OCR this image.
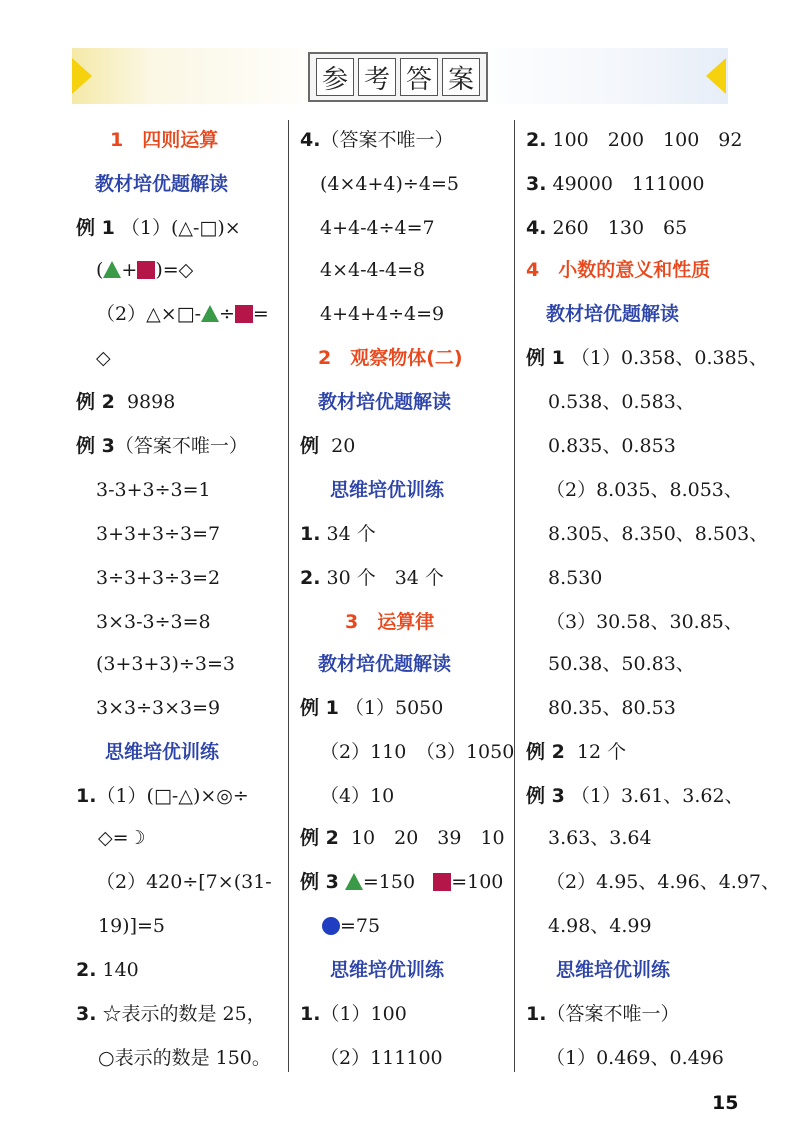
参 考 答 案
1　四则运算
教材培优题解读
例 1 （1）(△-□)×
( + )=◇
（2）△×□- ÷ =
◇
例 2 9898
例 3（答案不唯一）
3-3+3÷3=1
3+3+3÷3=7
3÷3+3÷3=2
3×3-3÷3=8
(3+3+3)÷3=3
3×3÷3×3=9
思维培优训练
1.（1）(□-△)×◎÷
◇=☽
（2）420÷[7×(31-
19)]=5
2. 140
3. ☆表示的数是 25，
○表示的数是 150。
4.（答案不唯一）
(4×4+4)÷4=5
4+4-4÷4=7
4×4-4-4=8
4+4+4÷4=9
2　观察物体(二)
教材培优题解读
例 20
思维培优训练
1. 34 个
2. 30 个　34 个
3　运算律
教材培优题解读
例 1 （1）5050
（2）110　（3）1050
（4）10
例 2 10　20　39　10
例 3 =150 =100
=75
思维培优训练
1.（1）100
（2）111100
2. 100　200　100　92
3. 49000　111000
4. 260　130　65
4　小数的意义和性质
教材培优题解读
例 1 （1）0.358、0.385、
0.538、0.583、
0.835、0.853
（2）8.035、8.053、
8.305、8.350、8.503、
8.530
（3）30.58、30.85、
50.38、50.83、
80.35、80.53
例 2 12 个
例 3 （1）3.61、3.62、
3.63、3.64
（2）4.95、4.96、4.97、
4.98、4.99
思维培优训练
1.（答案不唯一）
（1）0.469、0.496
15
